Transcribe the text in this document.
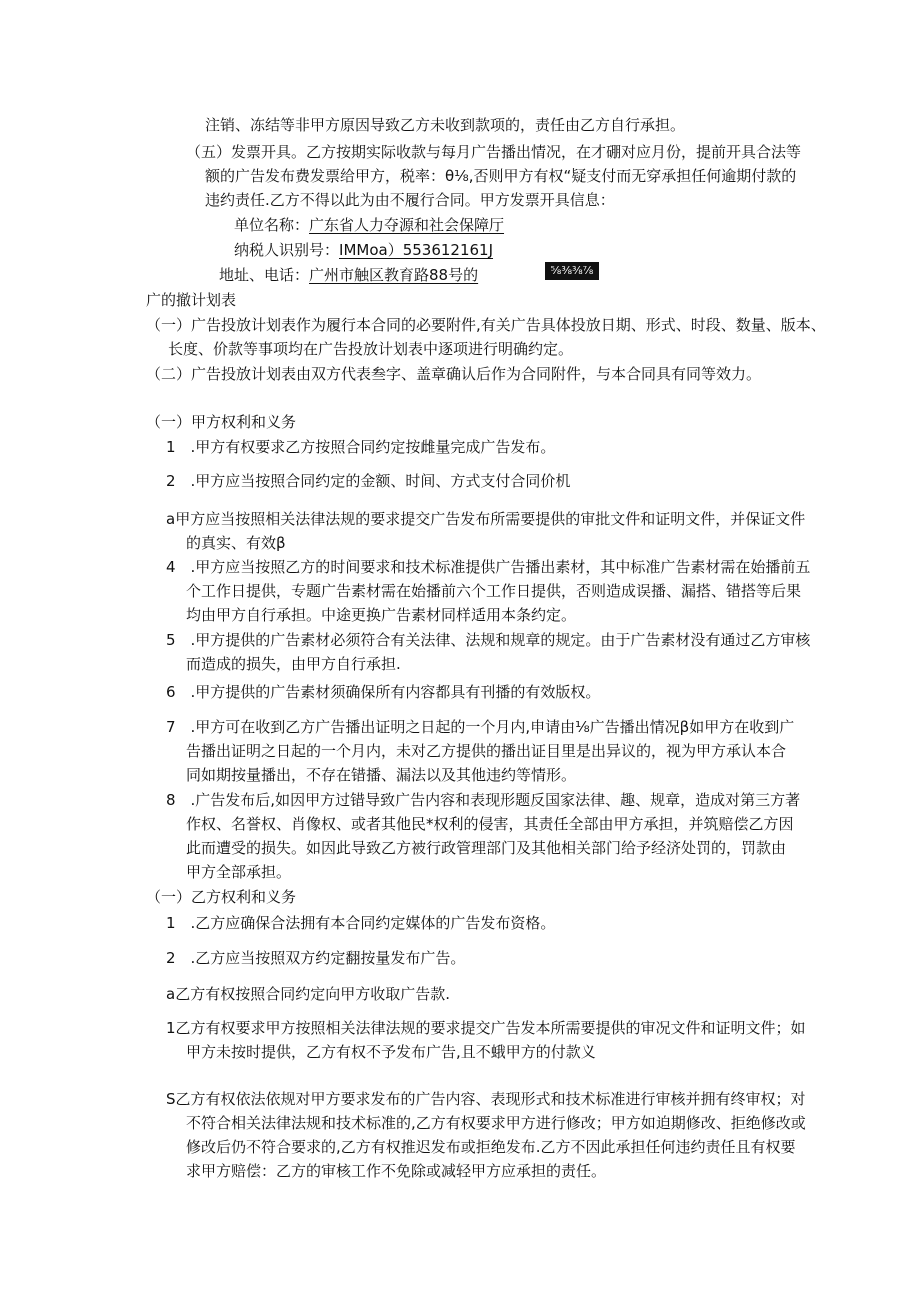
注销、冻结等非甲方原因导致乙方未收到款项的，责任由乙方自行承担。
（五）发票开具。乙方按期实际收款与每月广告播出情况，在才硼对应月份，提前开具合法等
额的广告发布费发票给甲方，税率：θ⅛,否则甲方有权“疑支付而无穿承担任何逾期付款的
违约责任.乙方不得以此为由不履行合同。甲方发票开具信息：
单位名称：广东省人力夺源和社会保障厅
纳税人识别号：IMMoa）553612161J
地址、电话：广州市触区教育路88号的	⅝⅜⅜⅞
广的撤计划表
（一）广告投放计划表作为履行本合同的必要附件,有关广告具体投放日期、形式、时段、数量、版本、
长度、价款等事项均在广告投放计划表中逐项进行明确约定。
（二）广告投放计划表由双方代表叁字、盖章确认后作为合同附件，与本合同具有同等效力。
（一）甲方权利和义务
1　.甲方有权要求乙方按照合同约定按雌量完成广告发布。
2　.甲方应当按照合同约定的金额、时间、方式支付合同价机
a甲方应当按照相关法律法规的要求提交广告发布所需要提供的审批文件和证明文件，并保证文件
的真实、有效β
4　.甲方应当按照乙方的时间要求和技术标准提供广告播出素材，其中标准广告素材需在始播前五
个工作日提供，专题广告素材需在始播前六个工作日提供，否则造成误播、漏搭、错搭等后果
均由甲方自行承担。中途更换广告素材同样适用本条约定。
5　.甲方提供的广告素材必须符合有关法律、法规和规章的规定。由于广告素材没有通过乙方审核
而造成的损失，由甲方自行承担.
6　.甲方提供的广告素材须确保所有内容都具有刊播的有效版权。
7　.甲方可在收到乙方广告播出证明之日起的一个月内,申请由⅛广告播出情况β如甲方在收到广
告播出证明之日起的一个月内，未对乙方提供的播出证目里是出异议的，视为甲方承认本合
同如期按量播出，不存在错播、漏法以及其他违约等情形。
8　.广告发布后,如因甲方过错导致广告内容和表现形题反国家法律、趣、规章，造成对第三方著
作权、名誉权、肖像权、或者其他民*权利的侵害，其责任全部由甲方承担，并筑赔偿乙方因
此而遭受的损失。如因此导致乙方被行政管理部门及其他相关部门给予经济处罚的，罚款由
甲方全部承担。
（一）乙方权利和义务
1　.乙方应确保合法拥有本合同约定媒体的广告发布资格。
2　.乙方应当按照双方约定翻按量发布广告。
a乙方有权按照合同约定向甲方收取广告款.
1乙方有权要求甲方按照相关法律法规的要求提交广告发本所需要提供的审况文件和证明文件；如
甲方未按时提供，乙方有权不予发布广告,且不蛾甲方的付款义
S乙方有权依法依规对甲方要求发布的广告内容、表现形式和技术标准进行审核并拥有终审权；对
不符合相关法律法规和技术标准的,乙方有权要求甲方进行修改；甲方如迫期修改、拒绝修改或
修改后仍不符合要求的,乙方有权推迟发布或拒绝发布.乙方不因此承担任何违约责任且有权要
求甲方赔偿：乙方的审核工作不免除或减轻甲方应承担的责任。
